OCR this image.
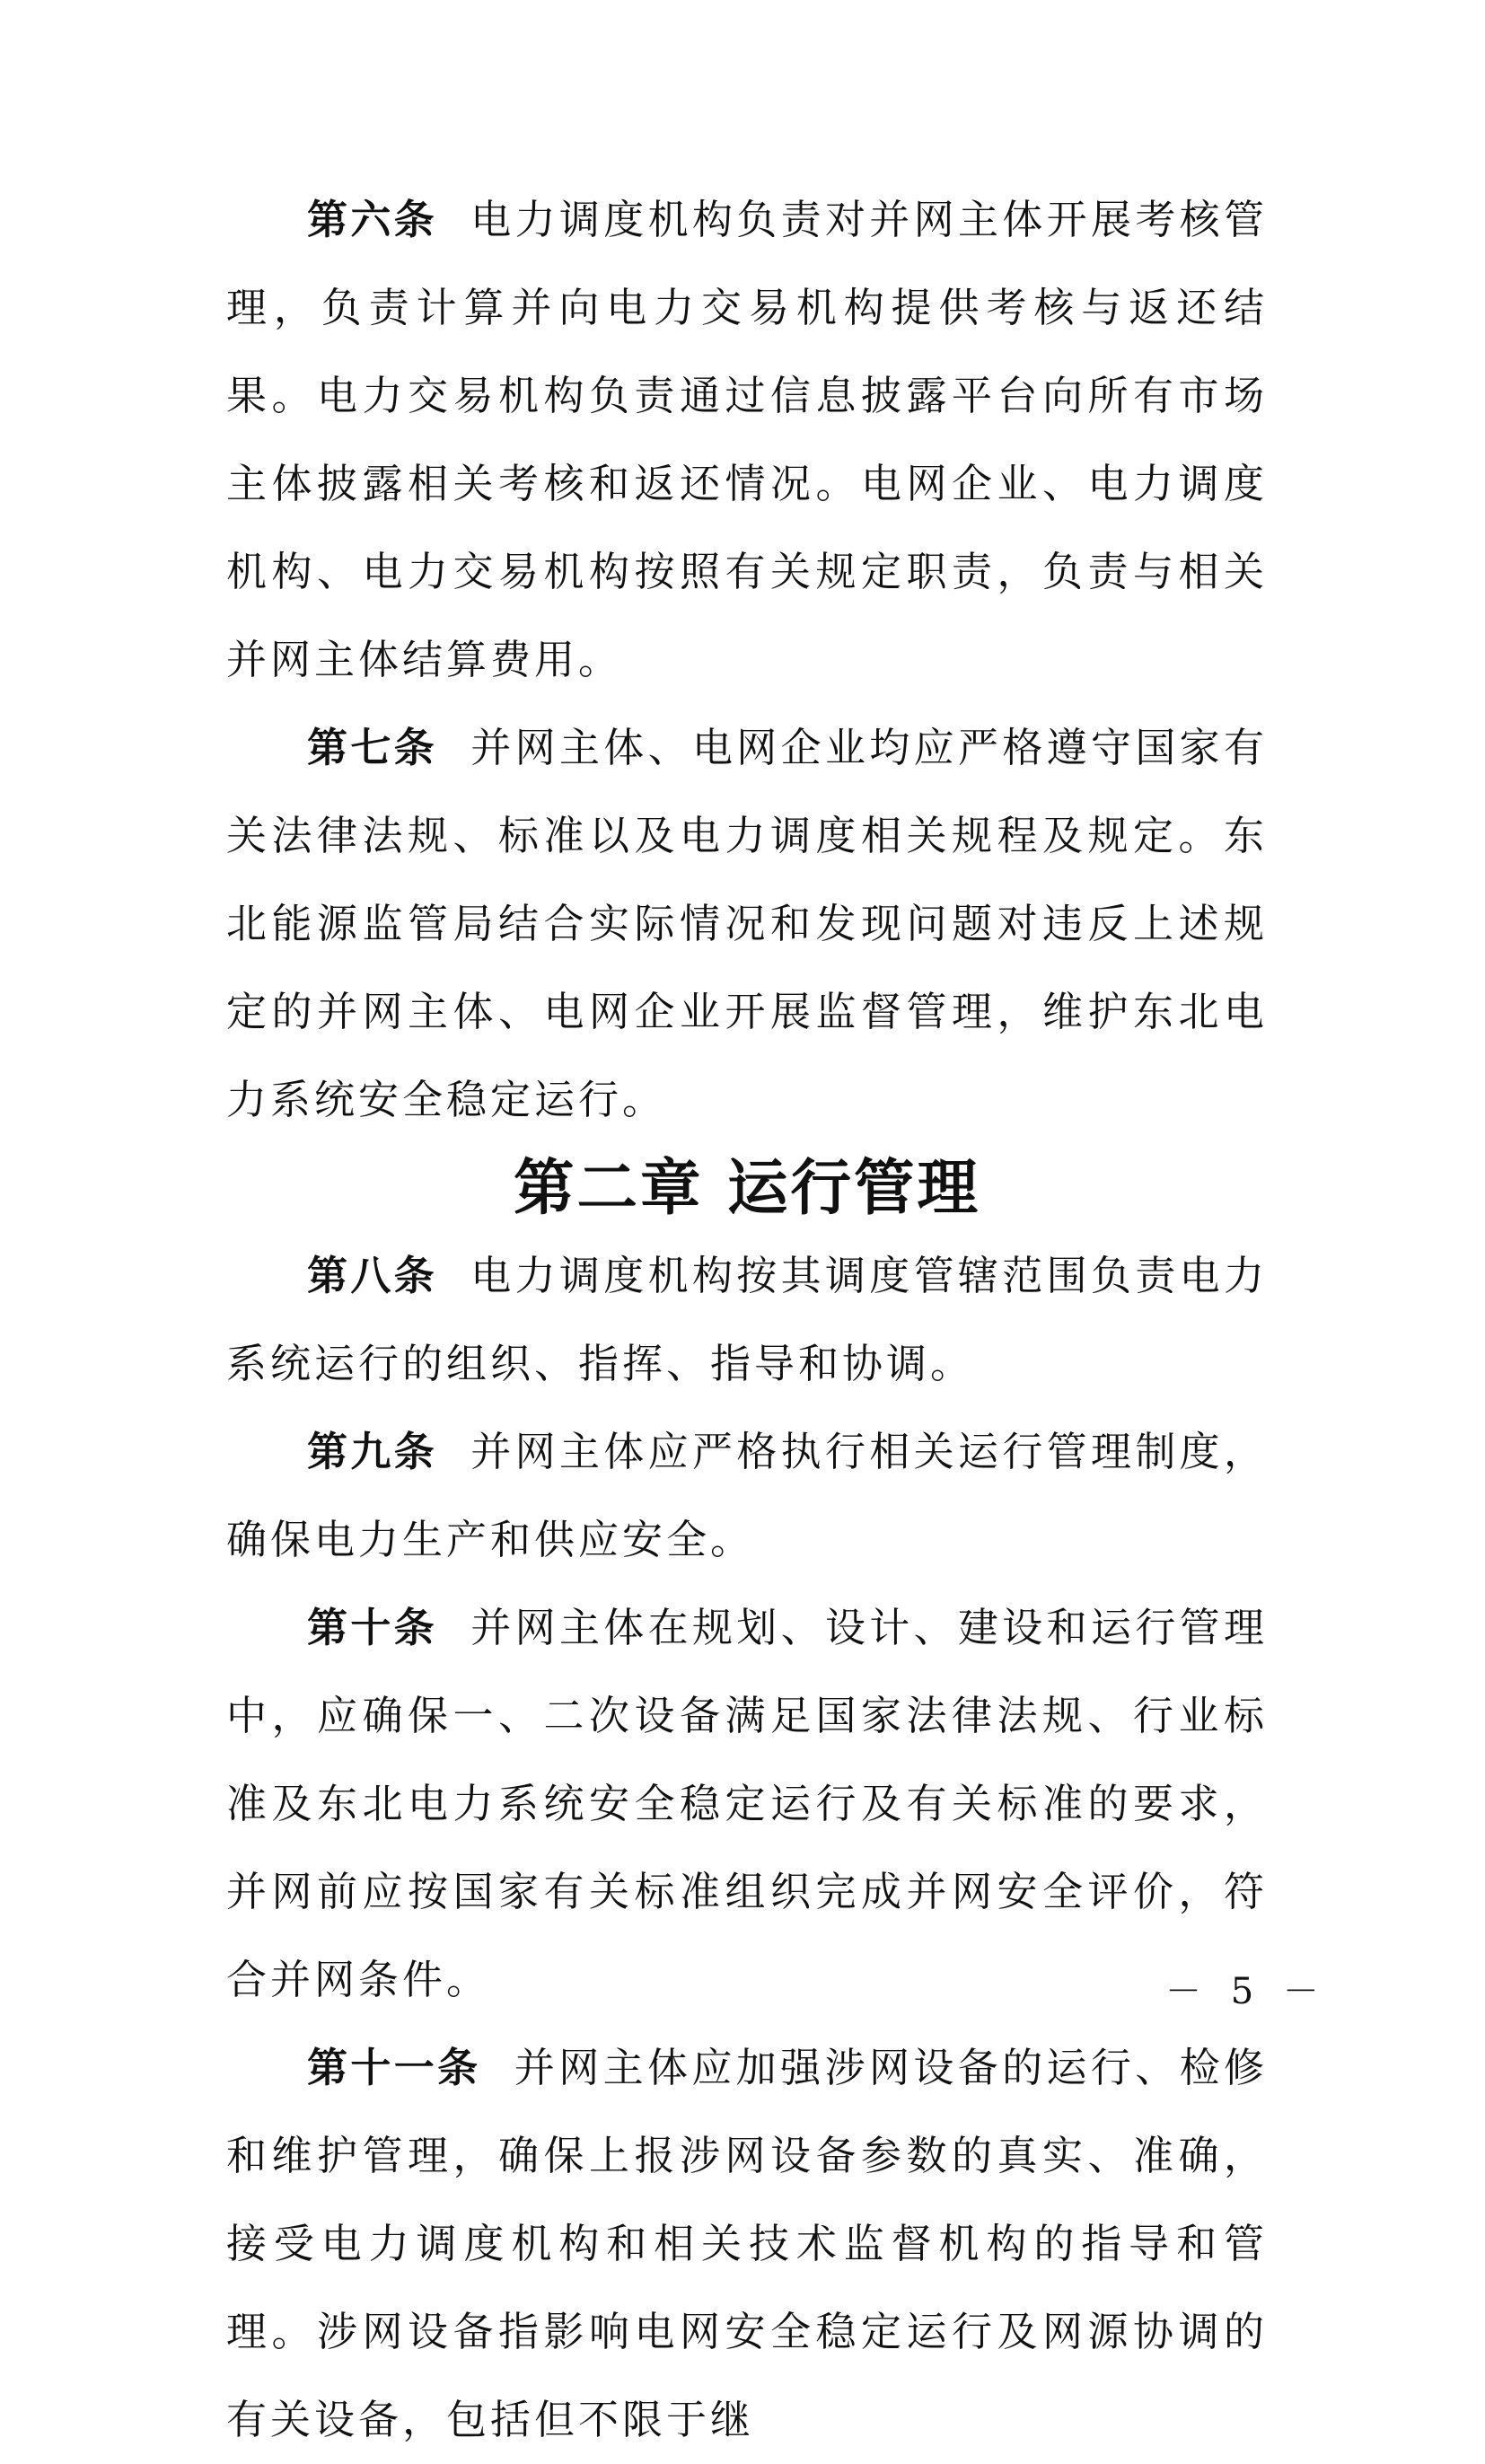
第六条 电力调度机构负责对并网主体开展考核管理，负责计算并向电力交易机构提供考核与返还结果。电力交易机构负责通过信息披露平台向所有市场主体披露相关考核和返还情况。电网企业、电力调度机构、电力交易机构按照有关规定职责，负责与相关并网主体结算费用。

第七条 并网主体、电网企业均应严格遵守国家有关法律法规、标准以及电力调度相关规程及规定。东北能源监管局结合实际情况和发现问题对违反上述规定的并网主体、电网企业开展监督管理，维护东北电力系统安全稳定运行。

第二章 运行管理

第八条 电力调度机构按其调度管辖范围负责电力系统运行的组织、指挥、指导和协调。

第九条 并网主体应严格执行相关运行管理制度，确保电力生产和供应安全。

第十条 并网主体在规划、设计、建设和运行管理中，应确保一、二次设备满足国家法律法规、行业标准及东北电力系统安全稳定运行及有关标准的要求，并网前应按国家有关标准组织完成并网安全评价，符合并网条件。

第十一条 并网主体应加强涉网设备的运行、检修和维护管理，确保上报涉网设备参数的真实、准确，接受电力调度机构和相关技术监督机构的指导和管理。涉网设备指影响电网安全稳定运行及网源协调的有关设备，包括但不限于继

－ 5 －
